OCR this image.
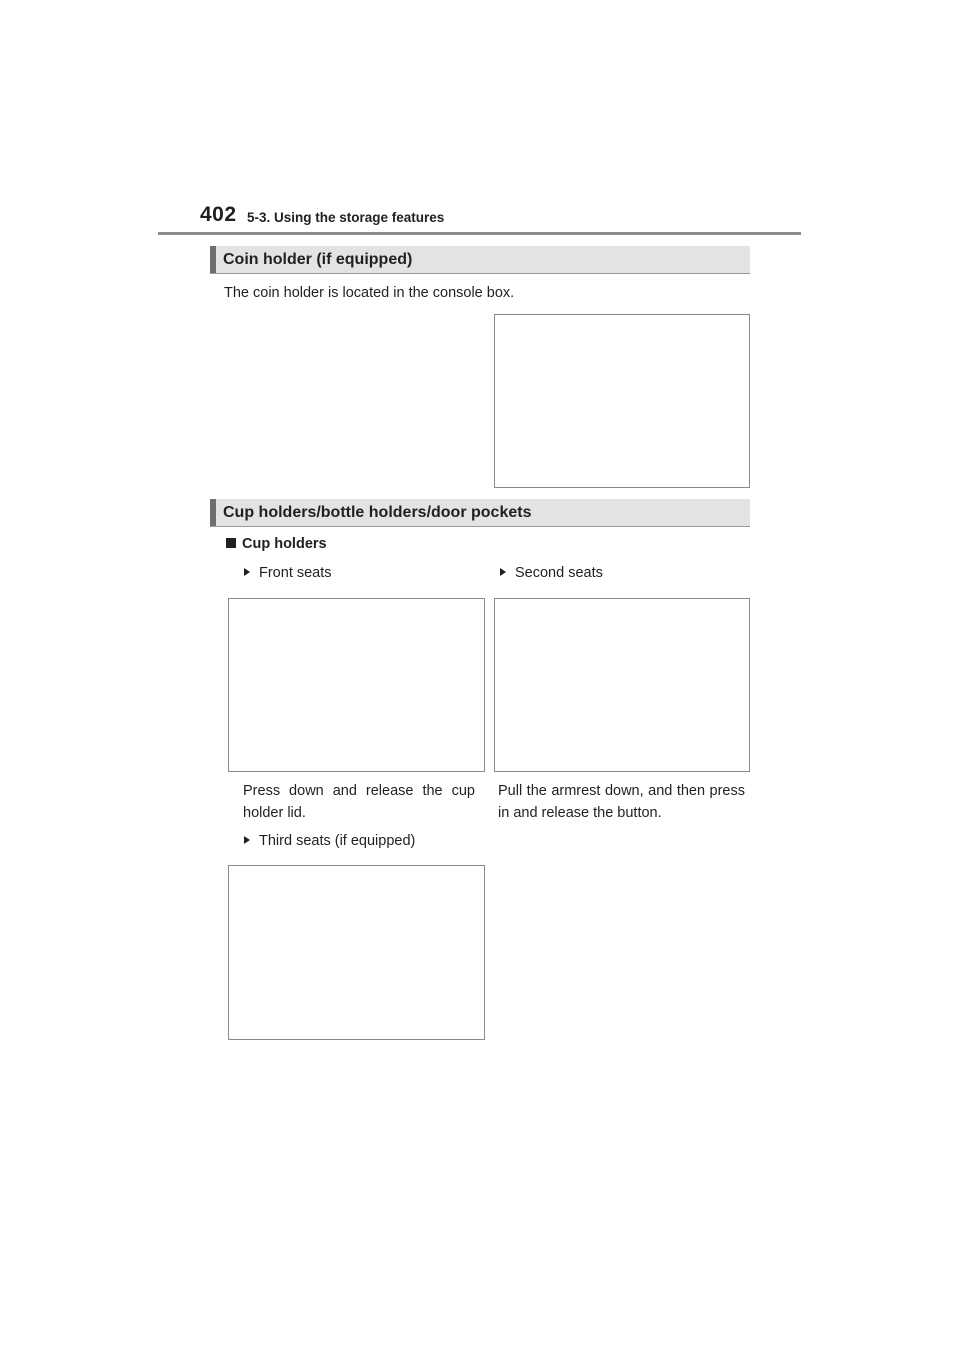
402 5-3. Using the storage features
Coin holder (if equipped)
The coin holder is located in the console box.
Cup holders/bottle holders/door pockets
Cup holders
Front seats	Second seats
Press down and release the cup
holder lid.
Pull the armrest down, and then press
in and release the button.
Third seats (if equipped)
